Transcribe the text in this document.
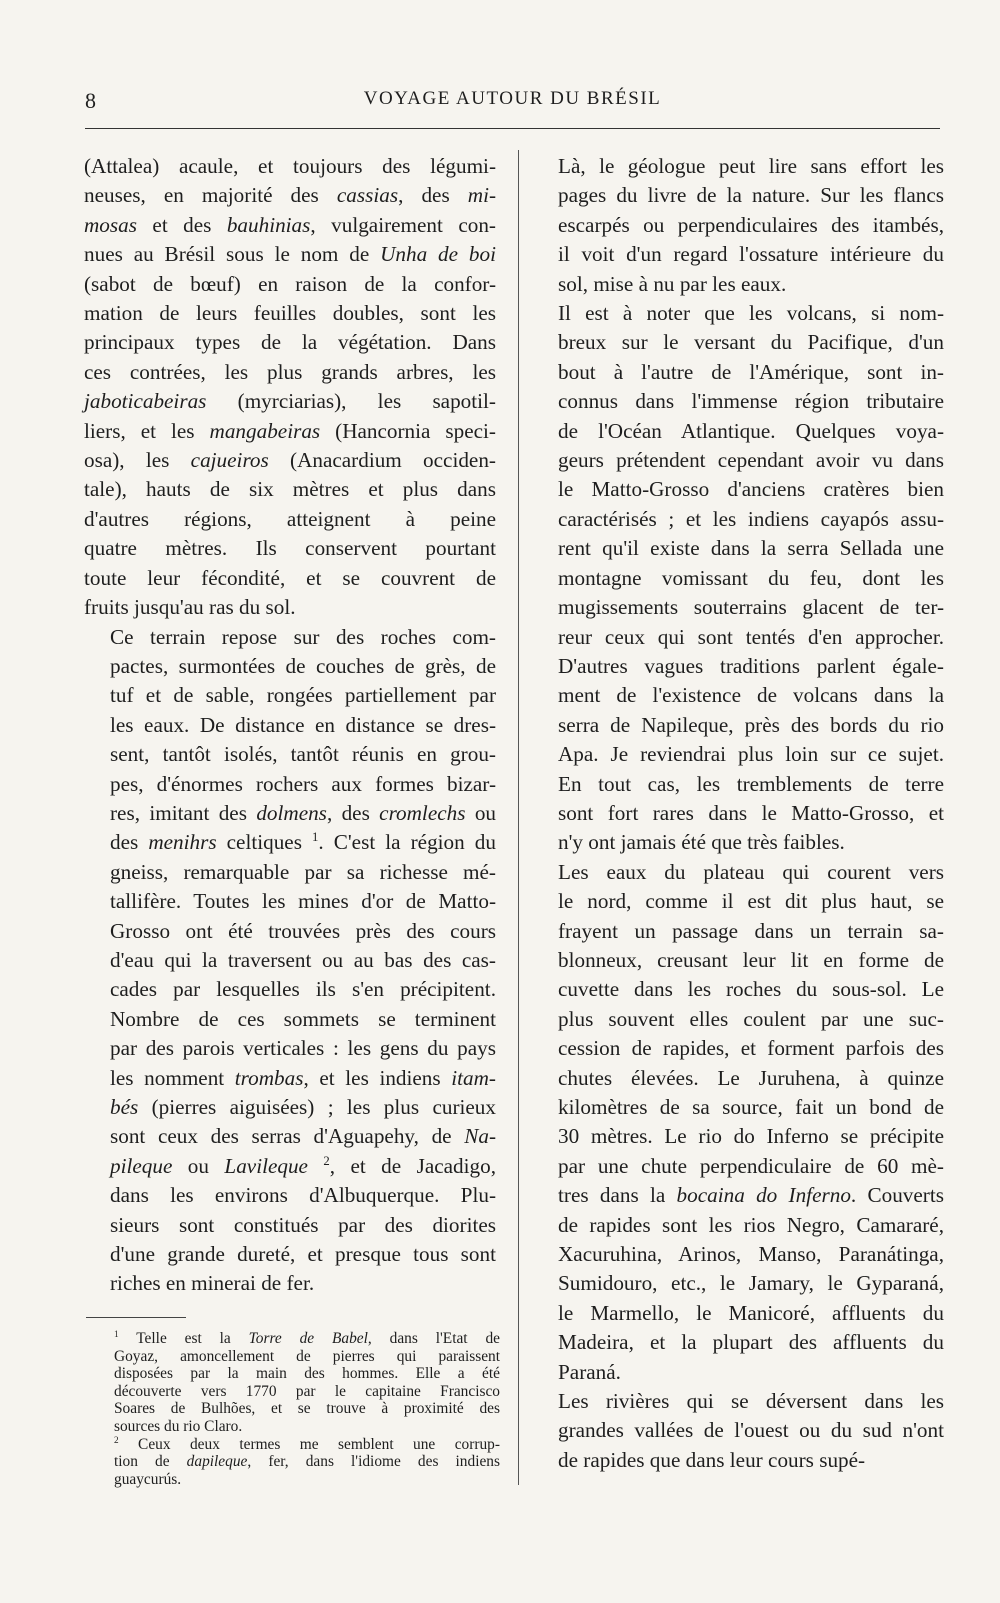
8	VOYAGE AUTOUR DU BRÉSIL

(Attalea) acaule, et toujours des légumi-
neuses, en majorité des cassias, des mi-
mosas et des bauhinias, vulgairement con-
nues au Brésil sous le nom de Unha de boi
(sabot de bœuf) en raison de la confor-
mation de leurs feuilles doubles, sont les
principaux types de la végétation. Dans
ces contrées, les plus grands arbres, les
jaboticabeiras (myrciarias), les sapotil-
liers, et les mangabeiras (Hancornia speci-
osa), les cajueiros (Anacardium occiden-
tale), hauts de six mètres et plus dans
d'autres régions, atteignent à peine
quatre mètres. Ils conservent pourtant
toute leur fécondité, et se couvrent de
fruits jusqu'au ras du sol.

Ce terrain repose sur des roches com-
pactes, surmontées de couches de grès, de
tuf et de sable, rongées partiellement par
les eaux. De distance en distance se dres-
sent, tantôt isolés, tantôt réunis en grou-
pes, d'énormes rochers aux formes bizar-
res, imitant des dolmens, des cromlechs ou
des menihrs celtiques $^1$. C'est la région du
gneiss, remarquable par sa richesse mé-
tallifère. Toutes les mines d'or de Matto-
Grosso ont été trouvées près des cours
d'eau qui la traversent ou au bas des cas-
cades par lesquelles ils s'en précipitent.
Nombre de ces sommets se terminent
par des parois verticales : les gens du pays
les nomment trombas, et les indiens itam-
bés (pierres aiguisées) ; les plus curieux
sont ceux des serras d'Aguapehy, de Na-
pileque ou Lavileque $^2$, et de Jacadigo,
dans les environs d'Albuquerque. Plu-
sieurs sont constitués par des diorites
d'une grande dureté, et presque tous sont
riches en minerai de fer.

Là, le géologue peut lire sans effort les
pages du livre de la nature. Sur les flancs
escarpés ou perpendiculaires des itambés,
il voit d'un regard l'ossature intérieure du
sol, mise à nu par les eaux.

Il est à noter que les volcans, si nom-
breux sur le versant du Pacifique, d'un
bout à l'autre de l'Amérique, sont in-
connus dans l'immense région tributaire
de l'Océan Atlantique. Quelques voya-
geurs prétendent cependant avoir vu dans
le Matto-Grosso d'anciens cratères bien
caractérisés ; et les indiens cayapós assu-
rent qu'il existe dans la serra Sellada une
montagne vomissant du feu, dont les
mugissements souterrains glacent de ter-
reur ceux qui sont tentés d'en approcher.
D'autres vagues traditions parlent égale-
ment de l'existence de volcans dans la
serra de Napileque, près des bords du rio
Apa. Je reviendrai plus loin sur ce sujet.
En tout cas, les tremblements de terre
sont fort rares dans le Matto-Grosso, et
n'y ont jamais été que très faibles.

Les eaux du plateau qui courent vers
le nord, comme il est dit plus haut, se
frayent un passage dans un terrain sa-
blonneux, creusant leur lit en forme de
cuvette dans les roches du sous-sol. Le
plus souvent elles coulent par une suc-
cession de rapides, et forment parfois des
chutes élevées. Le Juruhena, à quinze
kilomètres de sa source, fait un bond de
30 mètres. Le rio do Inferno se précipite
par une chute perpendiculaire de 60 mè-
tres dans la bocaina do Inferno. Couverts
de rapides sont les rios Negro, Camararé,
Xacuruhina, Arinos, Manso, Paranátinga,
Sumidouro, etc., le Jamary, le Gyparaná,
le Marmello, le Manicoré, affluents du
Madeira, et la plupart des affluents du
Paraná.

Les rivières qui se déversent dans les
grandes vallées de l'ouest ou du sud n'ont
de rapides que dans leur cours supé-

$^1$ Telle est la Torre de Babel, dans l'Etat de
Goyaz, amoncellement de pierres qui paraissent
disposées par la main des hommes. Elle a été
découverte vers 1770 par le capitaine Francisco
Soares de Bulhões, et se trouve à proximité des
sources du rio Claro.

$^2$ Ceux deux termes me semblent une corrup-
tion de dapileque, fer, dans l'idiome des indiens
guaycurús.
